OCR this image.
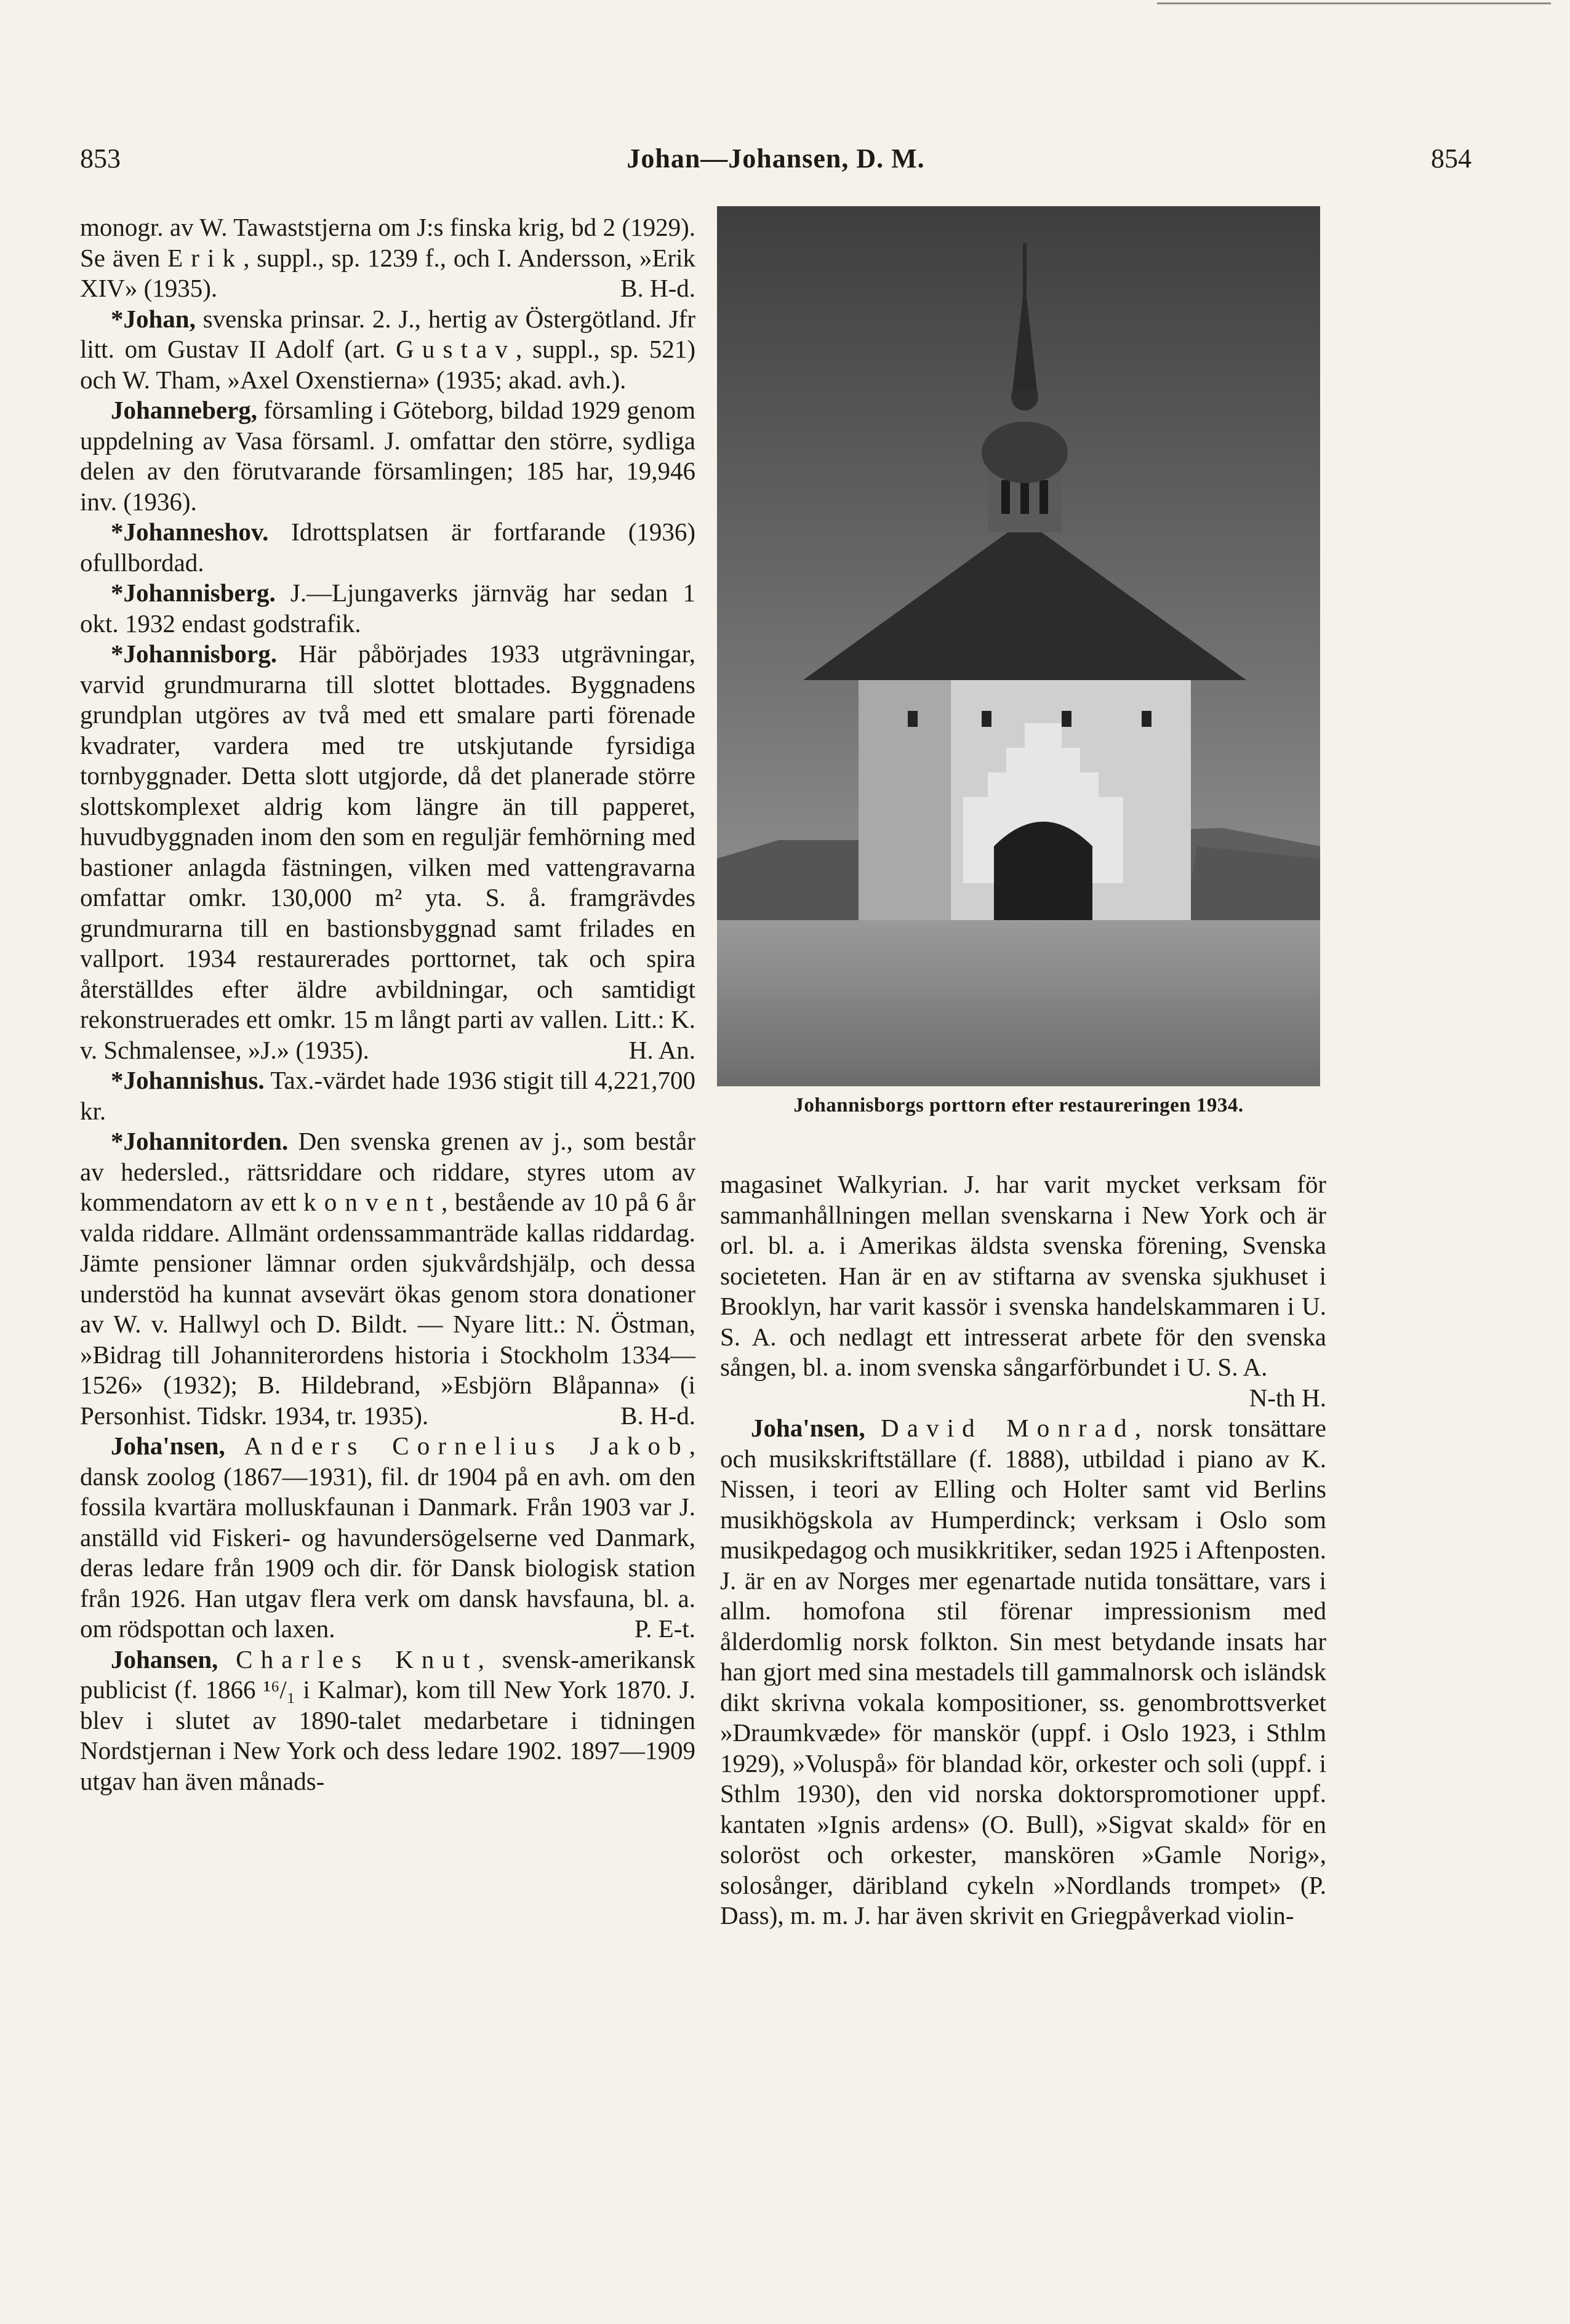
853	Johan—Johansen, D. M.	854

monogr. av W. Tawaststjerna om J:s finska krig, bd 2 (1929). Se även Erik, suppl., sp. 1239 f., och I. Andersson, »Erik XIV» (1935).	B. H-d.

*Johan, svenska prinsar. 2. J., hertig av Östergötland. Jfr litt. om Gustav II Adolf (art. Gustav, suppl., sp. 521) och W. Tham, »Axel Oxenstierna» (1935; akad. avh.).

Johanneberg, församling i Göteborg, bildad 1929 genom uppdelning av Vasa församl. J. omfattar den större, sydliga delen av den förutvarande församlingen; 185 har, 19,946 inv. (1936).

*Johanneshov. Idrottsplatsen är fortfarande (1936) ofullbordad.

*Johannisberg. J.—Ljungaverks järnväg har sedan 1 okt. 1932 endast godstrafik.

*Johannisborg. Här påbörjades 1933 utgrävningar, varvid grundmurarna till slottet blottades. Byggnadens grundplan utgöres av två med ett smalare parti förenade kvadrater, vardera med tre utskjutande fyrsidiga tornbyggnader. Detta slott utgjorde, då det planerade större slottskomplexet aldrig kom längre än till papperet, huvudbyggnaden inom den som en reguljär femhörning med bastioner anlagda fästningen, vilken med vattengravarna omfattar omkr. 130,000 m² yta. S. å. framgrävdes grundmurarna till en bastionsbyggnad samt frilades en vallport. 1934 restaurerades porttornet, tak och spira återställdes efter äldre avbildningar, och samtidigt rekonstruerades ett omkr. 15 m långt parti av vallen. Litt.: K. v. Schmalensee, »J.» (1935).	H. An.

*Johannishus. Tax.-värdet hade 1936 stigit till 4,221,700 kr.

*Johannitorden. Den svenska grenen av j., som består av hedersled., rättsriddare och riddare, styres utom av kommendatorn av ett konvent, bestående av 10 på 6 år valda riddare. Allmänt ordenssammanträde kallas riddardag. Jämte pensioner lämnar orden sjukvårdshjälp, och dessa understöd ha kunnat avsevärt ökas genom stora donationer av W. v. Hallwyl och D. Bildt. — Nyare litt.: N. Östman, »Bidrag till Johanniterordens historia i Stockholm 1334—1526» (1932); B. Hildebrand, »Esbjörn Blåpanna» (i Personhist. Tidskr. 1934, tr. 1935).	B. H-d.

Joha'nsen, Anders Cornelius Jakob, dansk zoolog (1867—1931), fil. dr 1904 på en avh. om den fossila kvartära molluskfaunan i Danmark. Från 1903 var J. anställd vid Fiskeri- og havundersögelserne ved Danmark, deras ledare från 1909 och dir. för Dansk biologisk station från 1926. Han utgav flera verk om dansk havsfauna, bl. a. om rödspottan och laxen.	P. E-t.

Johansen, Charles Knut, svensk-amerikansk publicist (f. 1866 ¹⁶/₁ i Kalmar), kom till New York 1870. J. blev i slutet av 1890-talet medarbetare i tidningen Nordstjernan i New York och dess ledare 1902. 1897—1909 utgav han även månads-

Johannisborgs porttorn efter restaureringen 1934.

magasinet Walkyrian. J. har varit mycket verksam för sammanhållningen mellan svenskarna i New York och är orl. bl. a. i Amerikas äldsta svenska förening, Svenska societeten. Han är en av stiftarna av svenska sjukhuset i Brooklyn, har varit kassör i svenska handelskammaren i U. S. A. och nedlagt ett intresserat arbete för den svenska sången, bl. a. inom svenska sångarförbundet i U. S. A.
N-th H.

Joha'nsen, David Monrad, norsk tonsättare och musikskriftställare (f. 1888), utbildad i piano av K. Nissen, i teori av Elling och Holter samt vid Berlins musikhögskola av Humperdinck; verksam i Oslo som musikpedagog och musikkritiker, sedan 1925 i Aftenposten. J. är en av Norges mer egenartade nutida tonsättare, vars i allm. homofona stil förenar impressionism med ålderdomlig norsk folkton. Sin mest betydande insats har han gjort med sina mestadels till gammalnorsk och isländsk dikt skrivna vokala kompositioner, ss. genombrottsverket »Draumkvæde» för manskör (uppf. i Oslo 1923, i Sthlm 1929), »Voluspå» för blandad kör, orkester och soli (uppf. i Sthlm 1930), den vid norska doktorspromotioner uppf. kantaten »Ignis ardens» (O. Bull), »Sigvat skald» för en soloröst och orkester, manskören »Gamle Norig», solosånger, däribland cykeln »Nordlands trompet» (P. Dass), m. m. J. har även skrivit en Griegpåverkad violin-
